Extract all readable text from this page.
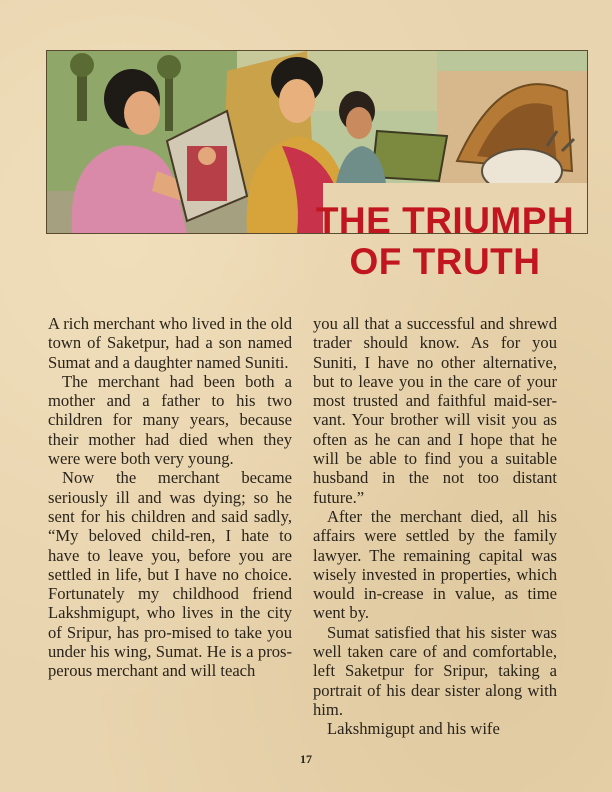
THE TRIUMPH
OF TRUTH

A rich merchant who lived in the old town of Saketpur, had a son named Sumat and a daughter named Suniti.

The merchant had been both a mother and a father to his two children for many years, because their mother had died when they were were both very young.

Now the merchant became seriously ill and was dying; so he sent for his children and said sadly, “My beloved child-ren, I hate to have to leave you, before you are settled in life, but I have no choice. Fortunately my childhood friend Lakshmigupt, who lives in the city of Sripur, has pro-mised to take you under his wing, Sumat. He is a pros-perous merchant and will teach

you all that a successful and shrewd trader should know. As for you Suniti, I have no other alternative, but to leave you in the care of your most trusted and faithful maid-ser-vant. Your brother will visit you as often as he can and I hope that he will be able to find you a suitable husband in the not too distant future.”

After the merchant died, all his affairs were settled by the family lawyer. The remaining capital was wisely invested in properties, which would in-crease in value, as time went by.

Sumat satisfied that his sister was well taken care of and comfortable, left Saketpur for Sripur, taking a portrait of his dear sister along with him.

Lakshmigupt and his wife

17
